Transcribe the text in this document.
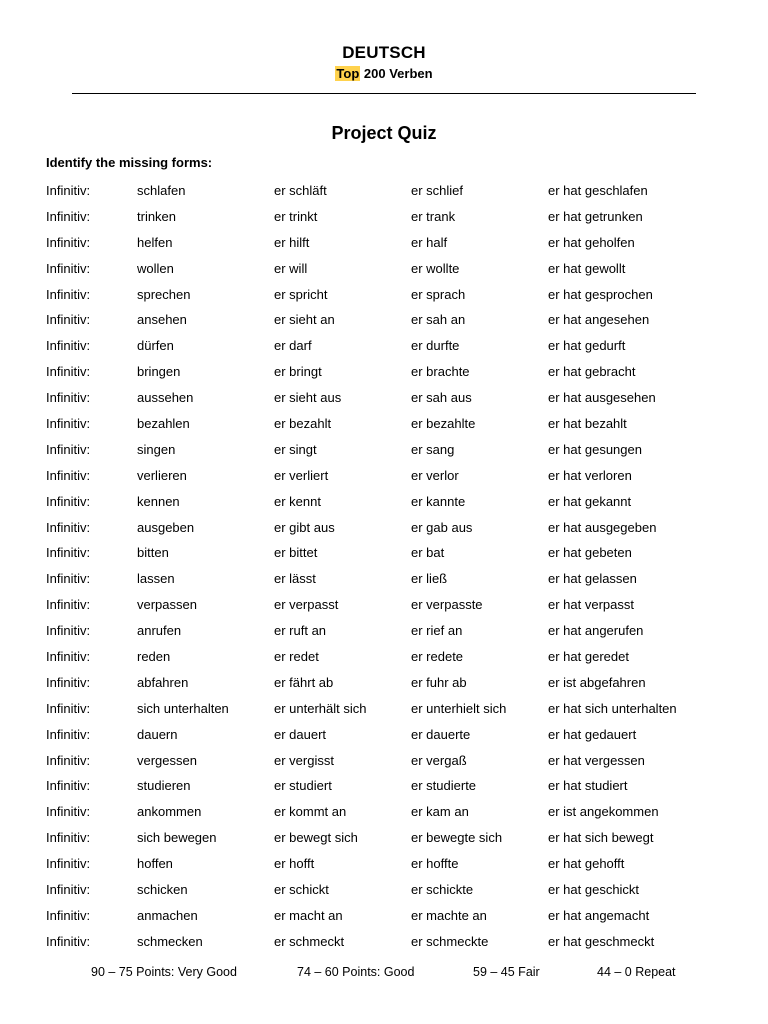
DEUTSCH
Top 200 Verben
Project Quiz
Identify the missing forms:
Infinitiv:	schlafen	er schläft	er schlief	er hat geschlafen
Infinitiv:	trinken	er trinkt	er trank	er hat getrunken
Infinitiv:	helfen	er hilft	er half	er hat geholfen
Infinitiv:	wollen	er will	er wollte	er hat gewollt
Infinitiv:	sprechen	er spricht	er sprach	er hat gesprochen
Infinitiv:	ansehen	er sieht an	er sah an	er hat angesehen
Infinitiv:	dürfen	er darf	er durfte	er hat gedurft
Infinitiv:	bringen	er bringt	er brachte	er hat gebracht
Infinitiv:	aussehen	er sieht aus	er sah aus	er hat ausgesehen
Infinitiv:	bezahlen	er bezahlt	er bezahlte	er hat bezahlt
Infinitiv:	singen	er singt	er sang	er hat gesungen
Infinitiv:	verlieren	er verliert	er verlor	er hat verloren
Infinitiv:	kennen	er kennt	er kannte	er hat gekannt
Infinitiv:	ausgeben	er gibt aus	er gab aus	er hat ausgegeben
Infinitiv:	bitten	er bittet	er bat	er hat gebeten
Infinitiv:	lassen	er lässt	er ließ	er hat gelassen
Infinitiv:	verpassen	er verpasst	er verpasste	er hat verpasst
Infinitiv:	anrufen	er ruft an	er rief an	er hat angerufen
Infinitiv:	reden	er redet	er redete	er hat geredet
Infinitiv:	abfahren	er fährt ab	er fuhr ab	er ist abgefahren
Infinitiv:	sich unterhalten	er unterhält sich	er unterhielt sich	er hat sich unterhalten
Infinitiv:	dauern	er dauert	er dauerte	er hat gedauert
Infinitiv:	vergessen	er vergisst	er vergaß	er hat vergessen
Infinitiv:	studieren	er studiert	er studierte	er hat studiert
Infinitiv:	ankommen	er kommt an	er kam an	er ist angekommen
Infinitiv:	sich bewegen	er bewegt sich	er bewegte sich	er hat sich bewegt
Infinitiv:	hoffen	er hofft	er hoffte	er hat gehofft
Infinitiv:	schicken	er schickt	er schickte	er hat geschickt
Infinitiv:	anmachen	er macht an	er machte an	er hat angemacht
Infinitiv:	schmecken	er schmeckt	er schmeckte	er hat geschmeckt
90 – 75 Points: Very Good	74 – 60 Points: Good	59 – 45 Fair	44 – 0 Repeat
